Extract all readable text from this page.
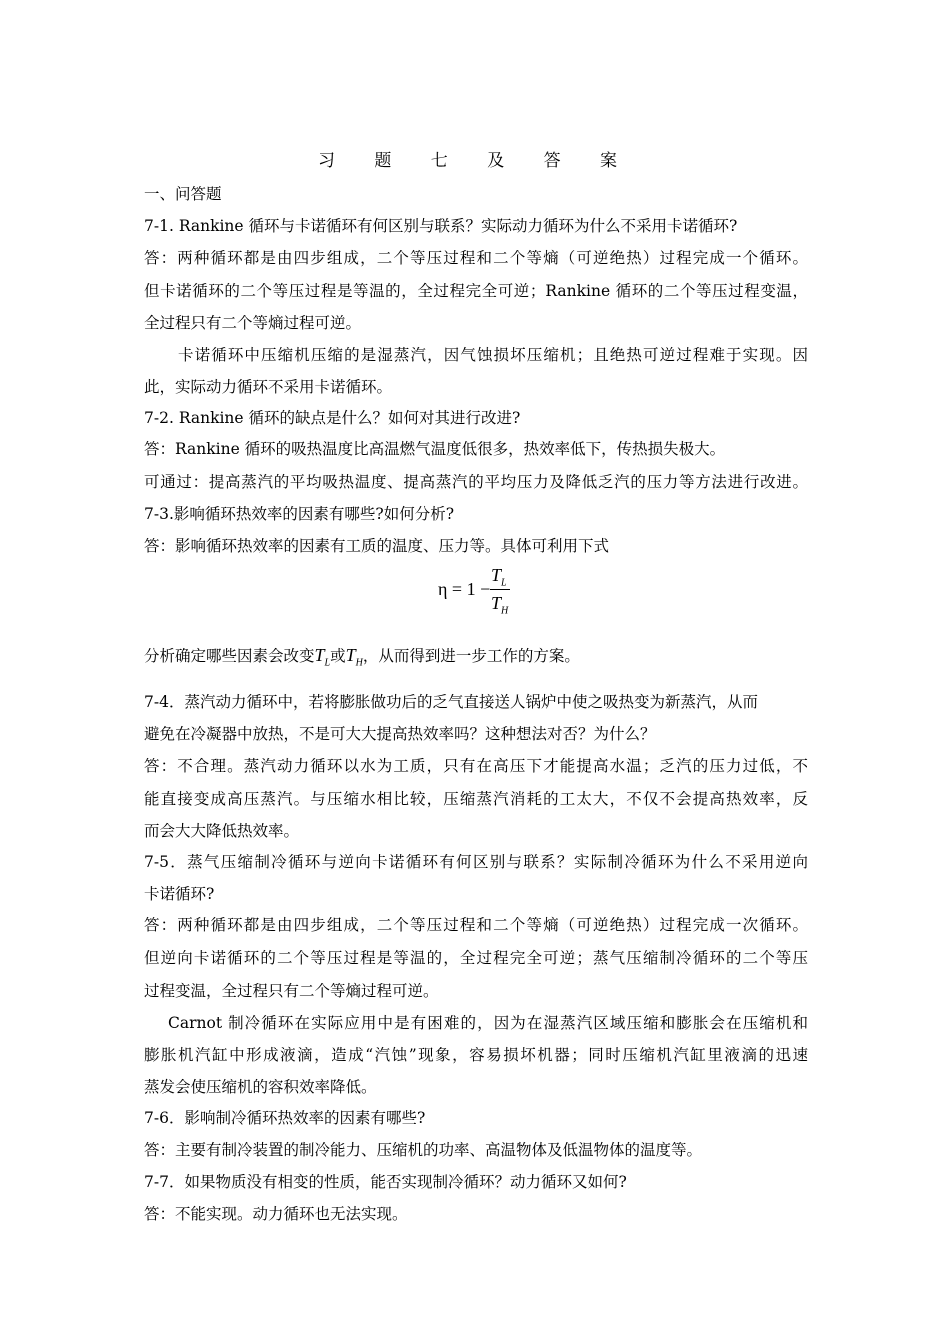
习 题 七 及 答 案
一、问答题
7-1. Rankine 循环与卡诺循环有何区别与联系？实际动力循环为什么不采用卡诺循环?
答：两种循环都是由四步组成，二个等压过程和二个等熵（可逆绝热）过程完成一个循环。
但卡诺循环的二个等压过程是等温的，全过程完全可逆；Rankine 循环的二个等压过程变温，
全过程只有二个等熵过程可逆。
卡诺循环中压缩机压缩的是湿蒸汽，因气蚀损坏压缩机；且绝热可逆过程难于实现。因
此，实际动力循环不采用卡诺循环。
7-2. Rankine 循环的缺点是什么？如何对其进行改进?
答：Rankine 循环的吸热温度比高温燃气温度低很多，热效率低下，传热损失极大。
可通过：提高蒸汽的平均吸热温度、提高蒸汽的平均压力及降低乏汽的压力等方法进行改进。
7-3.影响循环热效率的因素有哪些?如何分析?
答：影响循环热效率的因素有工质的温度、压力等。具体可利用下式
分析确定哪些因素会改变$T_L$或$T_H$，从而得到进一步工作的方案。
7-4．蒸汽动力循环中，若将膨胀做功后的乏气直接送人锅炉中使之吸热变为新蒸汽，从而
避免在冷凝器中放热，不是可大大提高热效率吗？这种想法对否？为什么？
答：不合理。蒸汽动力循环以水为工质，只有在高压下才能提高水温；乏汽的压力过低，不
能直接变成高压蒸汽。与压缩水相比较，压缩蒸汽消耗的工太大，不仅不会提高热效率，反
而会大大降低热效率。
7-5．蒸气压缩制冷循环与逆向卡诺循环有何区别与联系？实际制冷循环为什么不采用逆向
卡诺循环?
答：两种循环都是由四步组成，二个等压过程和二个等熵（可逆绝热）过程完成一次循环。
但逆向卡诺循环的二个等压过程是等温的，全过程完全可逆；蒸气压缩制冷循环的二个等压
过程变温，全过程只有二个等熵过程可逆。
Carnot 制冷循环在实际应用中是有困难的，因为在湿蒸汽区域压缩和膨胀会在压缩机和
膨胀机汽缸中形成液滴，造成“汽蚀”现象，容易损坏机器；同时压缩机汽缸里液滴的迅速
蒸发会使压缩机的容积效率降低。
7-6．影响制冷循环热效率的因素有哪些?
答：主要有制冷装置的制冷能力、压缩机的功率、高温物体及低温物体的温度等。
7-7．如果物质没有相变的性质，能否实现制冷循环？动力循环又如何?
答：不能实现。动力循环也无法实现。
η = 1 −
$T_L$
$T_H$
